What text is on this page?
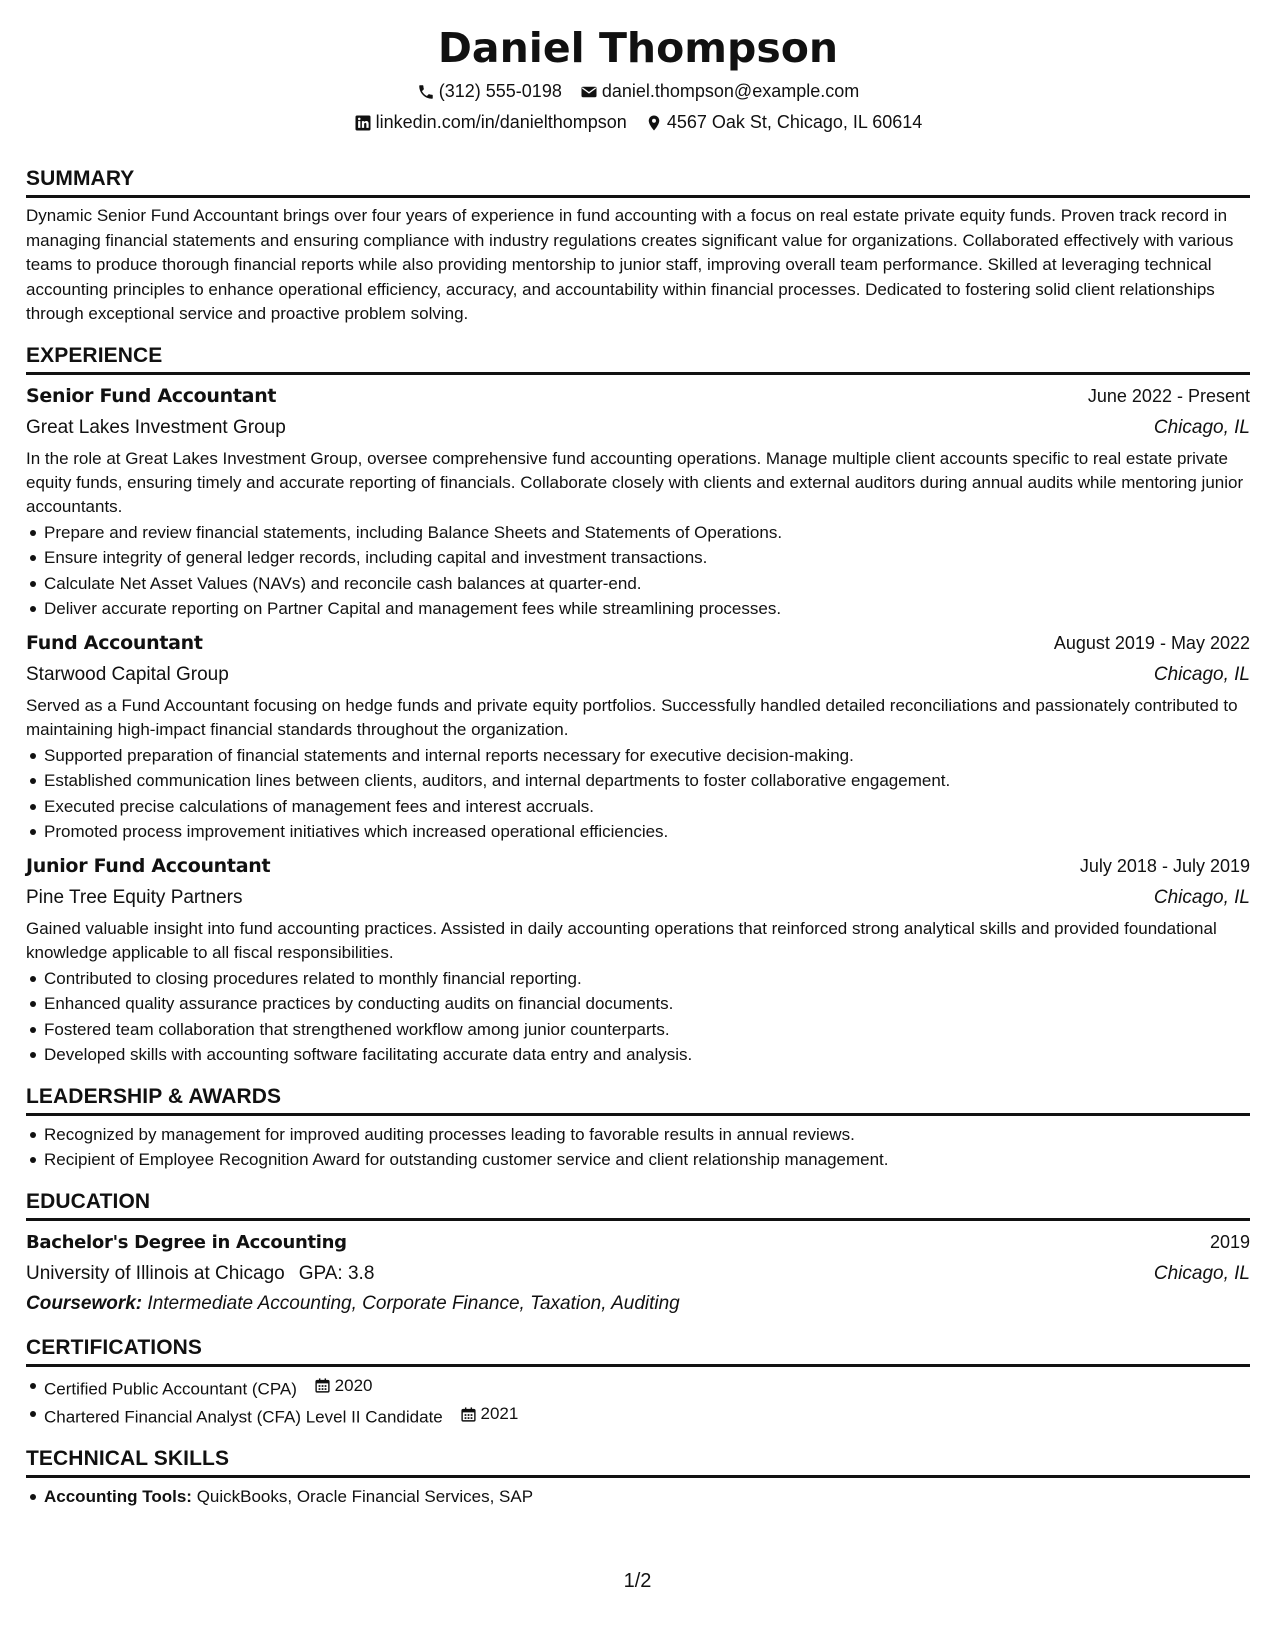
Daniel Thompson
(312) 555-0198 daniel.thompson@example.com
linkedin.com/in/danielthompson 4567 Oak St, Chicago, IL 60614
SUMMARY

Dynamic Senior Fund Accountant brings over four years of experience in fund accounting with a focus on real estate private equity funds. Proven track record in managing financial statements and ensuring compliance with industry regulations creates significant value for organizations. Collaborated effectively with various teams to produce thorough financial reports while also providing mentorship to junior staff, improving overall team performance. Skilled at leveraging technical accounting principles to enhance operational efficiency, accuracy, and accountability within financial processes. Dedicated to fostering solid client relationships through exceptional service and proactive problem solving.

EXPERIENCE
Senior Fund Accountant	June 2022 - Present
Great Lakes Investment Group	Chicago, IL

In the role at Great Lakes Investment Group, oversee comprehensive fund accounting operations. Manage multiple client accounts specific to real estate private equity funds, ensuring timely and accurate reporting of financials. Collaborate closely with clients and external auditors during annual audits while mentoring junior accountants.

Prepare and review financial statements, including Balance Sheets and Statements of Operations.
Ensure integrity of general ledger records, including capital and investment transactions.
Calculate Net Asset Values (NAVs) and reconcile cash balances at quarter-end.
Deliver accurate reporting on Partner Capital and management fees while streamlining processes.
Fund Accountant	August 2019 - May 2022
Starwood Capital Group	Chicago, IL

Served as a Fund Accountant focusing on hedge funds and private equity portfolios. Successfully handled detailed reconciliations and passionately contributed to maintaining high-impact financial standards throughout the organization.

Supported preparation of financial statements and internal reports necessary for executive decision-making.
Established communication lines between clients, auditors, and internal departments to foster collaborative engagement.
Executed precise calculations of management fees and interest accruals.
Promoted process improvement initiatives which increased operational efficiencies.
Junior Fund Accountant	July 2018 - July 2019
Pine Tree Equity Partners	Chicago, IL

Gained valuable insight into fund accounting practices. Assisted in daily accounting operations that reinforced strong analytical skills and provided foundational knowledge applicable to all fiscal responsibilities.

Contributed to closing procedures related to monthly financial reporting.
Enhanced quality assurance practices by conducting audits on financial documents.
Fostered team collaboration that strengthened workflow among junior counterparts.
Developed skills with accounting software facilitating accurate data entry and analysis.
LEADERSHIP & AWARDS
Recognized by management for improved auditing processes leading to favorable results in annual reviews.
Recipient of Employee Recognition Award for outstanding customer service and client relationship management.
EDUCATION
Bachelor's Degree in Accounting	2019
University of Illinois at Chicago GPA: 3.8	Chicago, IL
Coursework: Intermediate Accounting, Corporate Finance, Taxation, Auditing
CERTIFICATIONS
Certified Public Accountant (CPA) 2020
Chartered Financial Analyst (CFA) Level II Candidate 2021
TECHNICAL SKILLS
Accounting Tools: QuickBooks, Oracle Financial Services, SAP
1/2
